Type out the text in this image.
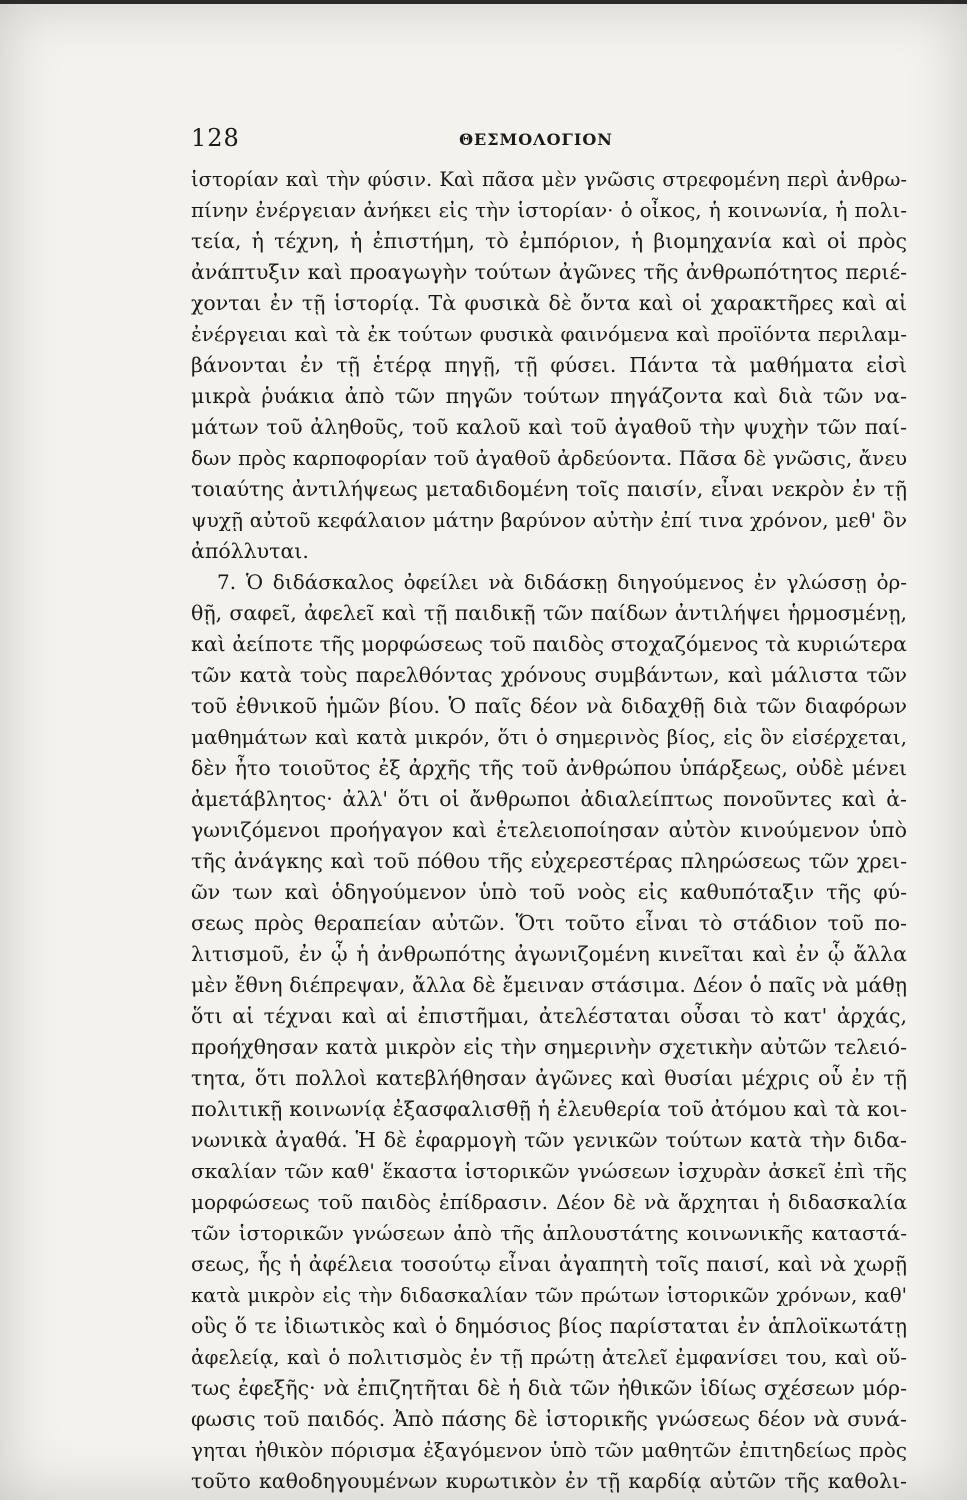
128	ΘΕΣΜΟΛΟΓΙΟΝ
ἱστορίαν καὶ τὴν φύσιν. Καὶ πᾶσα μὲν γνῶσις στρεφομένη περὶ ἀνθρω-
πίνην ἐνέργειαν ἀνήκει εἰς τὴν ἱστορίαν· ὁ οἶκος, ἡ κοινωνία, ἡ πολι-
τεία, ἡ τέχνη, ἡ ἐπιστήμη, τὸ ἐμπόριον, ἡ βιομηχανία καὶ οἱ πρὸς
ἀνάπτυξιν καὶ προαγωγὴν τούτων ἀγῶνες τῆς ἀνθρωπότητος περιέ-
χονται ἐν τῇ ἱστορίᾳ. Τὰ φυσικὰ δὲ ὄντα καὶ οἱ χαρακτῆρες καὶ αἱ
ἐνέργειαι καὶ τὰ ἐκ τούτων φυσικὰ φαινόμενα καὶ προϊόντα περιλαμ-
βάνονται ἐν τῇ ἑτέρᾳ πηγῇ, τῇ φύσει. Πάντα τὰ μαθήματα εἰσὶ
μικρὰ ῥυάκια ἀπὸ τῶν πηγῶν τούτων πηγάζοντα καὶ διὰ τῶν να-
μάτων τοῦ ἀληθοῦς, τοῦ καλοῦ καὶ τοῦ ἀγαθοῦ τὴν ψυχὴν τῶν παί-
δων πρὸς καρποφορίαν τοῦ ἀγαθοῦ ἀρδεύοντα. Πᾶσα δὲ γνῶσις, ἄνευ
τοιαύτης ἀντιλήψεως μεταδιδομένη τοῖς παισίν, εἶναι νεκρὸν ἐν τῇ
ψυχῇ αὐτοῦ κεφάλαιον μάτην βαρύνον αὐτὴν ἐπί τινα χρόνον, μεθ' ὃν
ἀπόλλυται.
7. Ὁ διδάσκαλος ὀφείλει νὰ διδάσκῃ διηγούμενος ἐν γλώσσῃ ὀρ-
θῇ, σαφεῖ, ἀφελεῖ καὶ τῇ παιδικῇ τῶν παίδων ἀντιλήψει ἡρμοσμένῃ,
καὶ ἀείποτε τῆς μορφώσεως τοῦ παιδὸς στοχαζόμενος τὰ κυριώτερα
τῶν κατὰ τοὺς παρελθόντας χρόνους συμβάντων, καὶ μάλιστα τῶν
τοῦ ἐθνικοῦ ἡμῶν βίου. Ὁ παῖς δέον νὰ διδαχθῇ διὰ τῶν διαφόρων
μαθημάτων καὶ κατὰ μικρόν, ὅτι ὁ σημερινὸς βίος, εἰς ὃν εἰσέρχεται,
δὲν ἦτο τοιοῦτος ἐξ ἀρχῆς τῆς τοῦ ἀνθρώπου ὑπάρξεως, οὐδὲ μένει
ἀμετάβλητος· ἀλλ' ὅτι οἱ ἄνθρωποι ἀδιαλείπτως πονοῦντες καὶ ἀ-
γωνιζόμενοι προήγαγον καὶ ἐτελειοποίησαν αὐτὸν κινούμενον ὑπὸ
τῆς ἀνάγκης καὶ τοῦ πόθου τῆς εὐχερεστέρας πληρώσεως τῶν χρει-
ῶν των καὶ ὁδηγούμενον ὑπὸ τοῦ νοὸς εἰς καθυπόταξιν τῆς φύ-
σεως πρὸς θεραπείαν αὐτῶν. Ὅτι τοῦτο εἶναι τὸ στάδιον τοῦ πο-
λιτισμοῦ, ἐν ᾧ ἡ ἀνθρωπότης ἀγωνιζομένη κινεῖται καὶ ἐν ᾧ ἄλλα
μὲν ἔθνη διέπρεψαν, ἄλλα δὲ ἔμειναν στάσιμα. Δέον ὁ παῖς νὰ μάθῃ
ὅτι αἱ τέχναι καὶ αἱ ἐπιστῆμαι, ἀτελέσταται οὖσαι τὸ κατ' ἀρχάς,
προήχθησαν κατὰ μικρὸν εἰς τὴν σημερινὴν σχετικὴν αὐτῶν τελειό-
τητα, ὅτι πολλοὶ κατεβλήθησαν ἀγῶνες καὶ θυσίαι μέχρις οὗ ἐν τῇ
πολιτικῇ κοινωνίᾳ ἐξασφαλισθῇ ἡ ἐλευθερία τοῦ ἀτόμου καὶ τὰ κοι-
νωνικὰ ἀγαθά. Ἡ δὲ ἐφαρμογὴ τῶν γενικῶν τούτων κατὰ τὴν διδα-
σκαλίαν τῶν καθ' ἕκαστα ἱστορικῶν γνώσεων ἰσχυρὰν ἀσκεῖ ἐπὶ τῆς
μορφώσεως τοῦ παιδὸς ἐπίδρασιν. Δέον δὲ νὰ ἄρχηται ἡ διδασκαλία
τῶν ἱστορικῶν γνώσεων ἀπὸ τῆς ἁπλουστάτης κοινωνικῆς καταστά-
σεως, ἧς ἡ ἀφέλεια τοσούτῳ εἶναι ἀγαπητὴ τοῖς παισί, καὶ νὰ χωρῇ
κατὰ μικρὸν εἰς τὴν διδασκαλίαν τῶν πρώτων ἱστορικῶν χρόνων, καθ'
οὓς ὅ τε ἰδιωτικὸς καὶ ὁ δημόσιος βίος παρίσταται ἐν ἁπλοϊκωτάτῃ
ἀφελείᾳ, καὶ ὁ πολιτισμὸς ἐν τῇ πρώτῃ ἀτελεῖ ἐμφανίσει του, καὶ οὕ-
τως ἐφεξῆς· νὰ ἐπιζητῆται δὲ ἡ διὰ τῶν ἠθικῶν ἰδίως σχέσεων μόρ-
φωσις τοῦ παιδός. Ἀπὸ πάσης δὲ ἱστορικῆς γνώσεως δέον νὰ συνά-
γηται ἠθικὸν πόρισμα ἐξαγόμενον ὑπὸ τῶν μαθητῶν ἐπιτηδείως πρὸς
τοῦτο καθοδηγουμένων κυρωτικὸν ἐν τῇ καρδίᾳ αὐτῶν τῆς καθολι-
